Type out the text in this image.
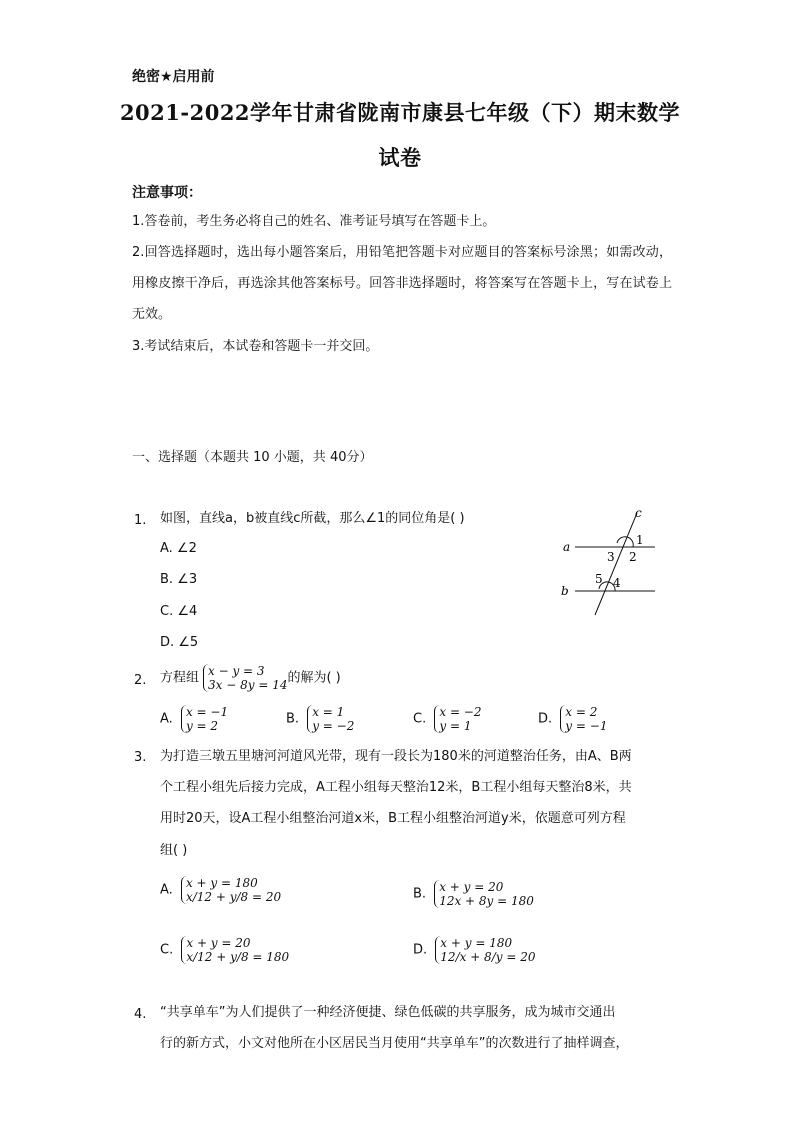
绝密★启用前
2021-2022学年甘肃省陇南市康县七年级（下）期末数学
试卷
注意事项：
1.答卷前，考生务必将自己的姓名、准考证号填写在答题卡上。
2.回答选择题时，选出每小题答案后，用铅笔把答题卡对应题目的答案标号涂黑；如需改动，用橡皮擦干净后，再选涂其他答案标号。回答非选择题时，将答案写在答题卡上，写在试卷上无效。
3.考试结束后，本试卷和答题卡一并交回。
一、选择题（本题共 10 小题，共 40分）
1. 如图，直线a，b被直线c所截，那么∠1的同位角是( )
A. ∠2
B. ∠3
C. ∠4
D. ∠5
a
b
c
1
2
3
4
5
2. 方程组 x − y = 3
3x − 8y = 14 的解为( )
A. x = −1
y = 2	B. x = 1
y = −2	C. x = −2
y = 1	D. x = 2
y = −1
3. 为打造三墩五里塘河河道风光带，现有一段长为180米的河道整治任务，由A、B两
个工程小组先后接力完成，A工程小组每天整治12米，B工程小组每天整治8米，共
用时20天，设A工程小组整治河道x米，B工程小组整治河道y米，依题意可列方程
组( )
A. x + y = 180
x/12 + y/8 = 20	B. x + y = 20
12x + 8y = 180
C. x + y = 20
x/12 + y/8 = 180	D. x + y = 180
12/x + 8/y = 20
4. “共享单车”为人们提供了一种经济便捷、绿色低碳的共享服务，成为城市交通出
行的新方式，小文对他所在小区居民当月使用“共享单车”的次数进行了抽样调查，
